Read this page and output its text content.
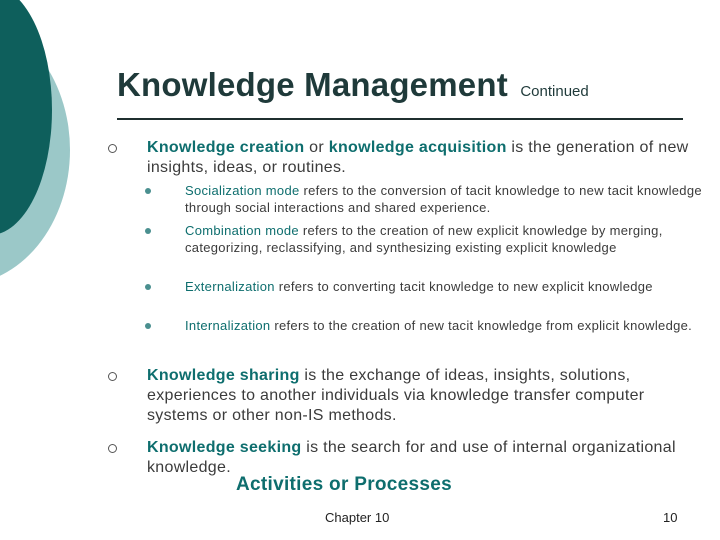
Knowledge Management Continued
Knowledge creation or knowledge acquisition is the generation of new insights, ideas, or routines.
Socialization mode refers to the conversion of tacit knowledge to new tacit knowledge through social interactions and shared experience.
Combination mode refers to the creation of new explicit knowledge by merging, categorizing, reclassifying, and synthesizing existing explicit knowledge
Externalization refers to converting tacit knowledge to new explicit knowledge
Internalization refers to the creation of new tacit knowledge from explicit knowledge.
Knowledge sharing is the exchange of ideas, insights, solutions, experiences to another individuals via knowledge transfer computer systems or other non-IS methods.
Knowledge seeking is the search for and use of internal organizational knowledge.
Activities or Processes
Chapter 10	10
